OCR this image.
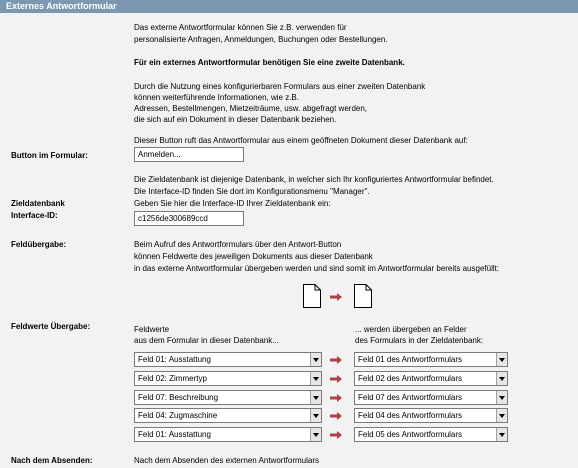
Externes Antwortformular
Das externe Antwortformular können Sie z.B. verwenden für
personalisierte Anfragen, Anmeldungen, Buchungen oder Bestellungen.
Für ein externes Antwortformular benötigen Sie eine zweite Datenbank.
Durch die Nutzung eines konfigurierbaren Formulars aus einer zweiten Datenbank
können weiterführende Informationen, wie z.B.
Adressen, Bestellmengen, Mietzeiträume, usw. abgefragt werden,
die sich auf ein Dokument in dieser Datenbank beziehen.
Dieser Button ruft das Antwortformular aus einem geöffneten Dokument dieser Datenbank auf:
Button im Formular:	Anmelden...
Die Zieldatenbank ist diejenige Datenbank, in welcher sich Ihr konfiguriertes Antwortformular befindet.
Die Interface-ID finden Sie dort im Konfigurationsmenu "Manager".
Geben Sie hier die Interface-ID Ihrer Zieldatenbank ein:
Zieldatenbank
Interface-ID:	c1256de300689ccd
Feldübergabe:	Beim Aufruf des Antwortformulars über den Antwort-Button
können Feldwerte des jeweiligen Dokuments aus dieser Datenbank
in das externe Antwortformular übergeben werden und sind somit im Antwortformular bereits ausgefüllt:
Feldwerte Übergabe:	Feldwerte
aus dem Formular in dieser Datenbank...
... werden übergeben an Felder
des Formulars in der Zieldatenbank:
Feld 01: Ausstattung	Feld 01 des Antwortformulars
Feld 02: Zimmertyp	Feld 02 des Antwortformulars
Feld 07: Beschreibung	Feld 07 des Antwortformulars
Feld 04: Zugmaschine	Feld 04 des Antwortformulars
Feld 01: Ausstattung	Feld 05 des Antwortformulars
Nach dem Absenden:	Nach dem Absenden des externen Antwortformulars
